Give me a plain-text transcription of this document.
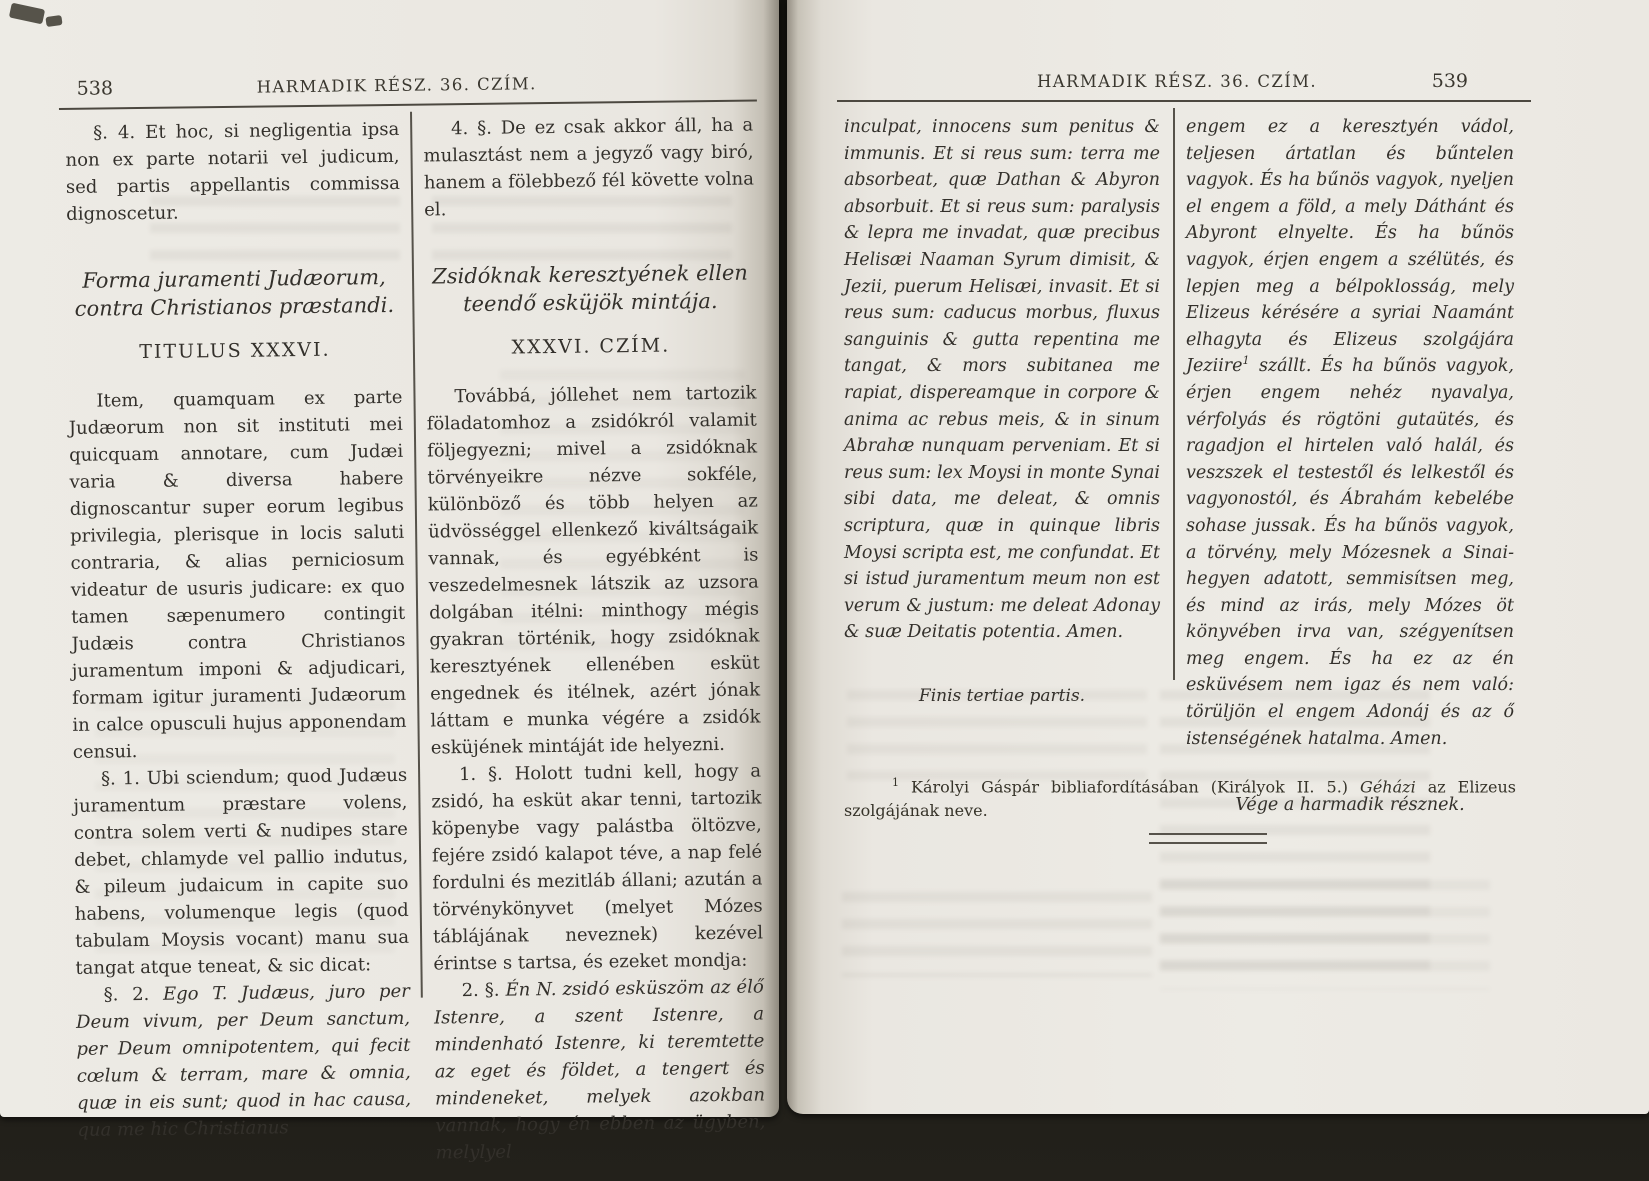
538	HARMADIK RÉSZ. 36. CZÍM.

§. 4. Et hoc, si negligentia ipsa non ex parte notarii vel judicum, sed partis appellantis commissa dignoscetur.

Forma juramenti Judæorum, contra Christianos præstandi.
TITULUS XXXVI.

Item, quamquam ex parte Judæorum non sit instituti mei quicquam annotare, cum Judæi varia & diversa habere dignoscantur super eorum legibus privilegia, plerisque in locis saluti contraria, & alias perniciosum videatur de usuris judicare: ex quo tamen sæpenumero contingit Judæis contra Christianos juramentum imponi & adjudicari, formam igitur juramenti Judæorum in calce opusculi hujus apponendam censui.

§. 1. Ubi sciendum; quod Judæus juramentum præstare volens, contra solem verti & nudipes stare debet, chlamyde vel pallio indutus, & pileum judaicum in capite suo habens, volumenque legis (quod tabulam Moysis vocant) manu sua tangat atque teneat, & sic dicat:

§. 2. Ego T. Judæus, juro per Deum vivum, per Deum sanctum, per Deum omnipotentem, qui fecit cœlum & terram, mare & omnia, quæ in eis sunt; quod in hac causa, qua me hic Christianus

4. §. De ez csak akkor áll, ha a mulasztást nem a jegyző vagy biró, hanem a fölebbező fél követte volna el.

Zsidóknak keresztyének ellen teendő esküjök mintája.
XXXVI. CZÍM.

Továbbá, jóllehet nem tartozik föladatomhoz a zsidókról valamit följegyezni; mivel a zsidóknak törvényeikre nézve sokféle, különböző és több helyen az üdvösséggel ellenkező kiváltságaik vannak, és egyébként is veszedelmesnek látszik az uzsora dolgában itélni: minthogy mégis gyakran történik, hogy zsidóknak keresztyének ellenében esküt engednek és itélnek, azért jónak láttam e munka végére a zsidók esküjének mintáját ide helyezni.

1. §. Holott tudni kell, hogy a zsidó, ha esküt akar tenni, tartozik köpenybe vagy palástba öltözve, fejére zsidó kalapot téve, a nap felé fordulni és mezitláb állani; azután a törvénykönyvet (melyet Mózes táblájának neveznek) kezével érintse s tartsa, és ezeket mondja:

2. §. Én N. zsidó esküszöm az élő Istenre, a szent Istenre, a mindenható Istenre, ki teremtette az eget és földet, a tengert és mindeneket, melyek azokban vannak, hogy én ebben az ügyben, melylyel

539
HARMADIK RÉSZ. 36. CZÍM.

inculpat, innocens sum penitus & immunis. Et si reus sum: terra me absorbeat, quæ Dathan & Abyron absorbuit. Et si reus sum: paralysis & lepra me invadat, quæ precibus Helisæi Naaman Syrum dimisit, & Jezii, puerum Helisæi, invasit. Et si reus sum: caducus morbus, fluxus sanguinis & gutta repentina me tangat, & mors subitanea me rapiat, dispereamque in corpore & anima ac rebus meis, & in sinum Abrahæ nunquam perveniam. Et si reus sum: lex Moysi in monte Synai sibi data, me deleat, & omnis scriptura, quæ in quinque libris Moysi scripta est, me confundat. Et si istud juramentum meum non est verum & justum: me deleat Adonay & suæ Deitatis potentia. Amen.

Finis tertiae partis.

engem ez a keresztyén vádol, teljesen ártatlan és bűntelen vagyok. És ha bűnös vagyok, nyeljen el engem a föld, a mely Dáthánt és Abyront elnyelte. És ha bűnös vagyok, érjen engem a szélütés, és lepjen meg a bélpoklosság, mely Elizeus kérésére a syriai Naamánt elhagyta és Elizeus szolgájára Jeziire$^1$ szállt. És ha bűnös vagyok, érjen engem nehéz nyavalya, vérfolyás és rögtöni gutaütés, és ragadjon el hirtelen való halál, és veszszek el testestől és lelkestől és vagyonostól, és Ábrahám kebelébe sohase jussak. És ha bűnös vagyok, a törvény, mely Mózesnek a Sinai-hegyen adatott, semmisítsen meg, és mind az irás, mely Mózes öt könyvében irva van, szégyenítsen meg engem. És ha ez az én esküvésem nem igaz és nem való: törüljön el engem Adonáj és az ő istenségének hatalma. Amen.

Vége a harmadik résznek.
$^1$ Károlyi Gáspár bibliafordításában (Királyok II. 5.) Géházi az Elizeus szolgájának neve.
